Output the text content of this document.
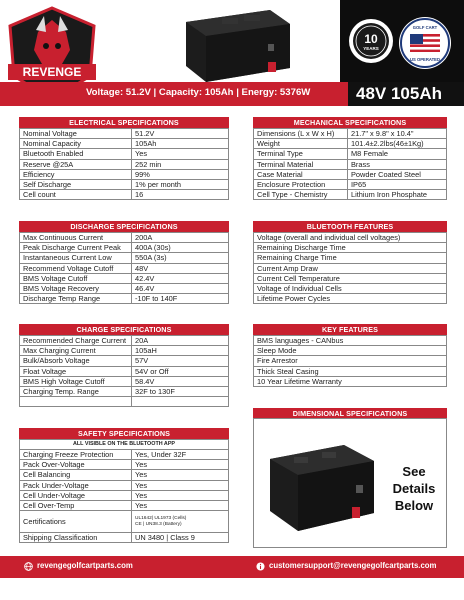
REVENGE
10
YEARS
GOLF CART
US OPERATED
Voltage: 51.2V | Capacity: 105Ah | Energy: 5376W	48V 105Ah
ELECTRICAL SPECIFICATIONS
Nominal Voltage	51.2V
Nominal Capacity	105Ah
Bluetooth Enabled	Yes
Reserve @25A	252 min
Efficiency	99%
Self Discharge	1% per month
Cell count	16
MECHANICAL SPECIFICATIONS
Dimensions (L x W x H)	21.7" x 9.8" x 10.4"
Weight	101.4±2.2lbs(46±1Kg)
Terminal Type	M8 Female
Terminal Material	Brass
Case Material	Powder Coated Steel
Enclosure Protection	IP65
Cell Type - Chemistry	Lithium Iron Phosphate
DISCHARGE SPECIFICATIONS
Max Continuous Current	200A
Peak Discharge Current Peak	400A (30s)
Instantaneous Current Low	550A (3s)
Recommend Voltage Cutoff	48V
BMS Voltage Cutoff	42.4V
BMS Voltage Recovery	46.4V
Discharge Temp Range	-10F to 140F
BLUETOOTH FEATURES
Voltage (overall and individual cell voltages)
Remaining Discharge Time
Remaining Charge Time
Current Amp Draw
Current Cell Temperature
Voltage of Individual Cells
Lifetime Power Cycles
CHARGE SPECIFICATIONS
Recommended Charge Current	20A
Max Charging Current	105aH
Bulk/Absorb Voltage	57V
Float Voltage	54V or Off
BMS High Voltage Cutoff	58.4V
Charging Temp. Range	32F to 130F

KEY FEATURES
BMS languages - CANbus
Sleep Mode
Fire Arrestor
Thick Steal Casing
10 Year Lifetime Warranty
SAFETY SPECIFICATIONS
ALL VISIBLE ON THE BLUETOOTH APP	
Charging Freeze Protection	Yes, Under 32F
Pack Over-Voltage	Yes
Cell Balancing	Yes
Pack Under-Voltage	Yes
Cell Under-Voltage	Yes
Cell Over-Temp	Yes
Certifications	UL1642| UL1973 (Cells)
CE | UN38.3 (Battery)

Shipping Classification	UN 3480 | Class 9
DIMENSIONAL SPECIFICATIONS
See
Details
Below
revengegolfcartparts.com	customersupport@revengegolfcartparts.com
